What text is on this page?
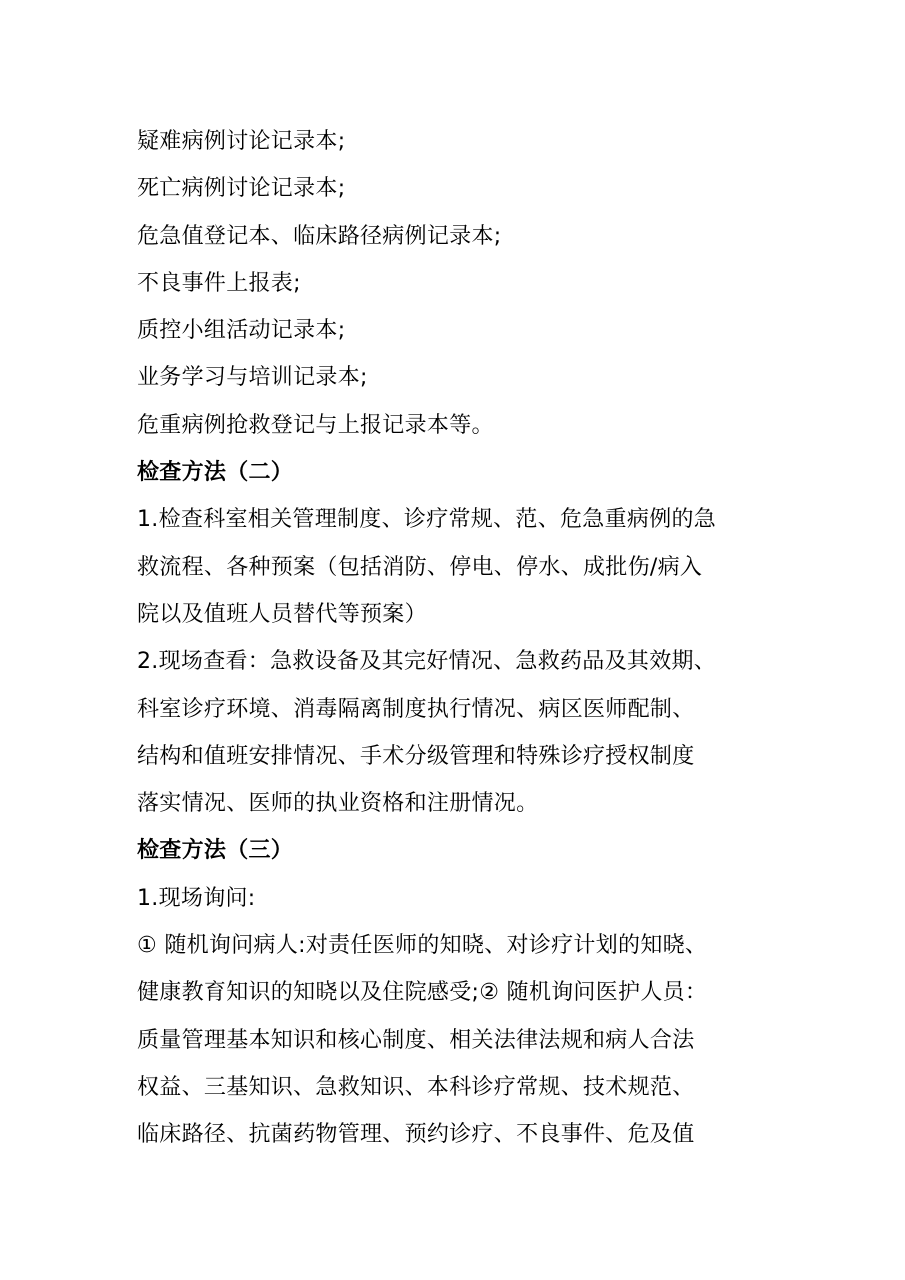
疑难病例讨论记录本;
死亡病例讨论记录本;
危急值登记本、临床路径病例记录本;
不良事件上报表;
质控小组活动记录本;
业务学习与培训记录本;
危重病例抢救登记与上报记录本等。
检查方法（二）
1.检查科室相关管理制度、诊疗常规、范、危急重病例的急
救流程、各种预案（包括消防、停电、停水、成批伤/病入
院以及值班人员替代等预案）
2.现场查看：急救设备及其完好情况、急救药品及其效期、
科室诊疗环境、消毒隔离制度执行情况、病区医师配制、
结构和值班安排情况、手术分级管理和特殊诊疗授权制度
落实情况、医师的执业资格和注册情况。
检查方法（三）
1.现场询问:
① 随机询问病人:对责任医师的知晓、对诊疗计划的知晓、
健康教育知识的知晓以及住院感受;② 随机询问医护人员：
质量管理基本知识和核心制度、相关法律法规和病人合法
权益、三基知识、急救知识、本科诊疗常规、技术规范、
临床路径、抗菌药物管理、预约诊疗、不良事件、危及值
